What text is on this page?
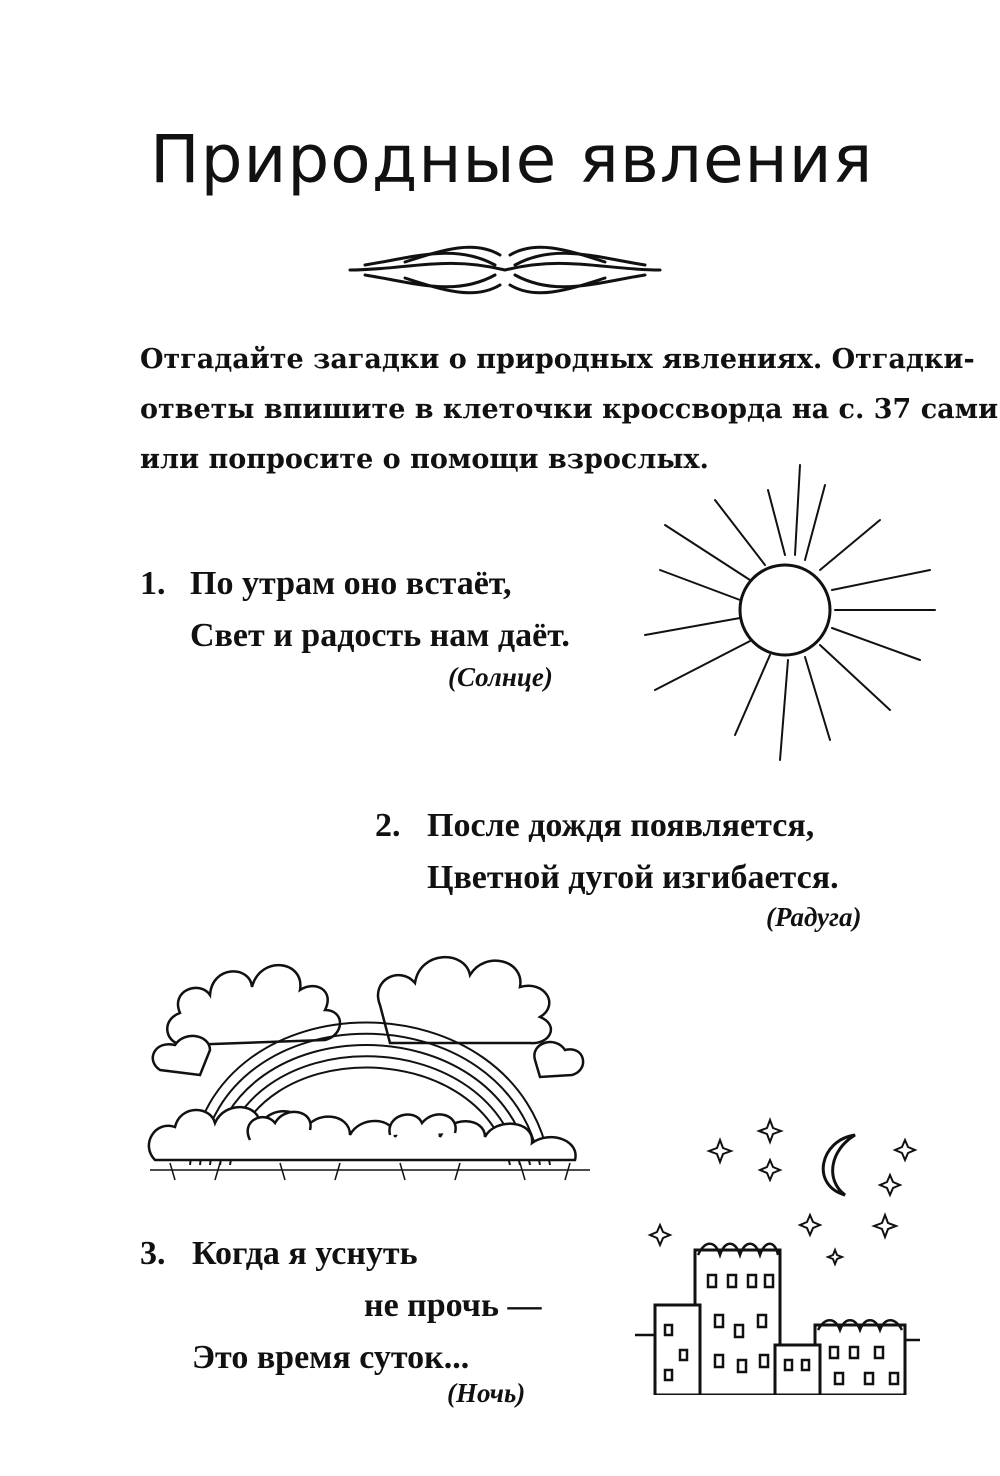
Природные явления
Отгадайте загадки о природных явлениях. Отгадки-
ответы впишите в клеточки кроссворда на с. 37 сами
или попросите о помощи взрослых.
1. По утрам оно встаёт,
Свет и радость нам даёт.
(Солнце)
2. После дождя появляется,
Цветной дугой изгибается.
(Радуга)
3. Когда я уснуть
не прочь —
Это время суток...
(Ночь)
